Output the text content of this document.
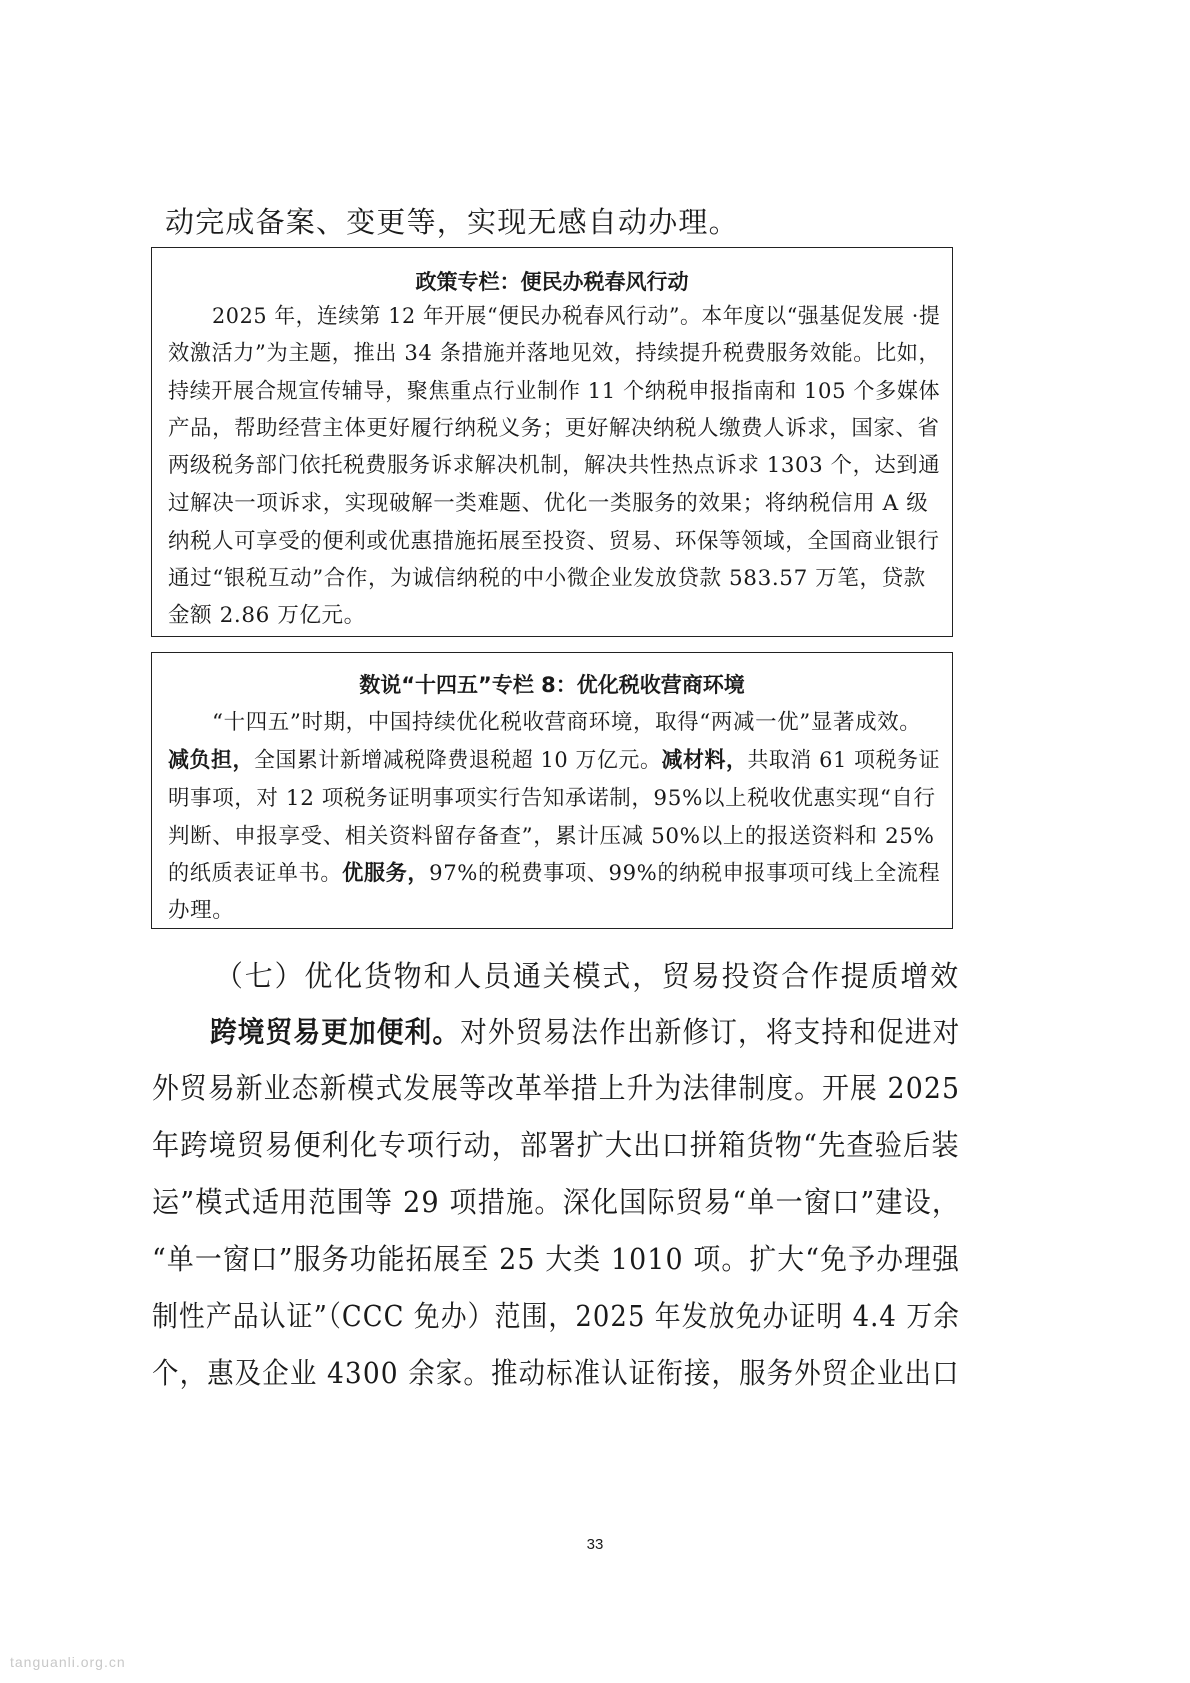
动完成备案、变更等，实现无感自动办理。
政策专栏：便民办税春风行动
2025 年，连续第 12 年开展“便民办税春风行动”。本年度以“强基促发展 ·提
效激活力”为主题，推出 34 条措施并落地见效，持续提升税费服务效能。比如，
持续开展合规宣传辅导，聚焦重点行业制作 11 个纳税申报指南和 105 个多媒体
产品，帮助经营主体更好履行纳税义务；更好解决纳税人缴费人诉求，国家、省
两级税务部门依托税费服务诉求解决机制，解决共性热点诉求 1303 个，达到通
过解决一项诉求，实现破解一类难题、优化一类服务的效果；将纳税信用 A 级
纳税人可享受的便利或优惠措施拓展至投资、贸易、环保等领域，全国商业银行
通过“银税互动”合作，为诚信纳税的中小微企业发放贷款 583.57 万笔，贷款
金额 2.86 万亿元。
数说“十四五”专栏 8：优化税收营商环境
“十四五”时期，中国持续优化税收营商环境，取得“两减一优”显著成效。
减负担，全国累计新增减税降费退税超 10 万亿元。减材料，共取消 61 项税务证
明事项，对 12 项税务证明事项实行告知承诺制，95%以上税收优惠实现“自行
判断、申报享受、相关资料留存备查”，累计压减 50%以上的报送资料和 25%
的纸质表证单书。优服务，97%的税费事项、99%的纳税申报事项可线上全流程
办理。
（七）优化货物和人员通关模式，贸易投资合作提质增效
跨境贸易更加便利。对外贸易法作出新修订，将支持和促进对
外贸易新业态新模式发展等改革举措上升为法律制度。开展 2025
年跨境贸易便利化专项行动，部署扩大出口拼箱货物“先查验后装
运”模式适用范围等 29 项措施。深化国际贸易“单一窗口”建设，
“单一窗口”服务功能拓展至 25 大类 1010 项。扩大“免予办理强
制性产品认证”（CCC 免办）范围，2025 年发放免办证明 4.4 万余
个，惠及企业 4300 余家。推动标准认证衔接，服务外贸企业出口
33
tanguanli.org.cn
